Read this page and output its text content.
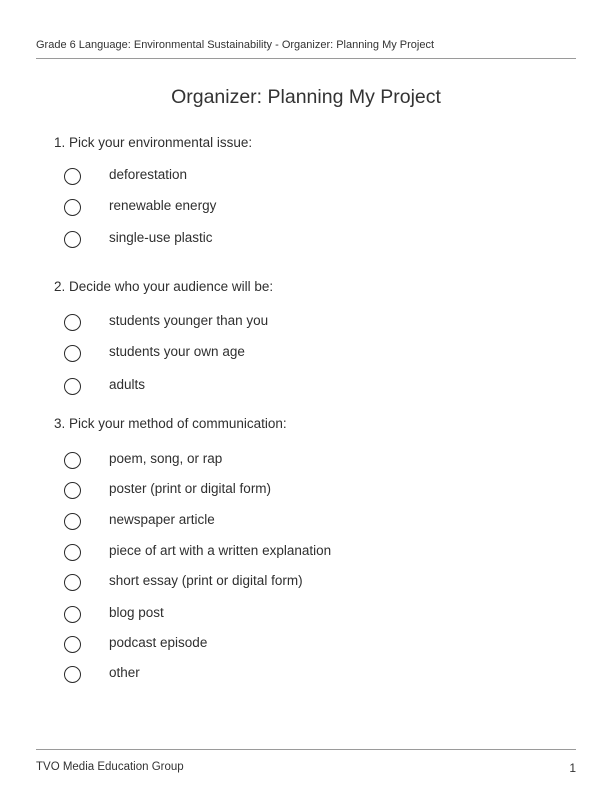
Grade 6 Language: Environmental Sustainability - Organizer: Planning My Project
Organizer: Planning My Project
1. Pick your environmental issue:
deforestation
renewable energy
single-use plastic
2. Decide who your audience will be:
students younger than you
students your own age
adults
3. Pick your method of communication:
poem, song, or rap
poster (print or digital form)
newspaper article
piece of art with a written explanation
short essay (print or digital form)
blog post
podcast episode
other
TVO Media Education Group	1
